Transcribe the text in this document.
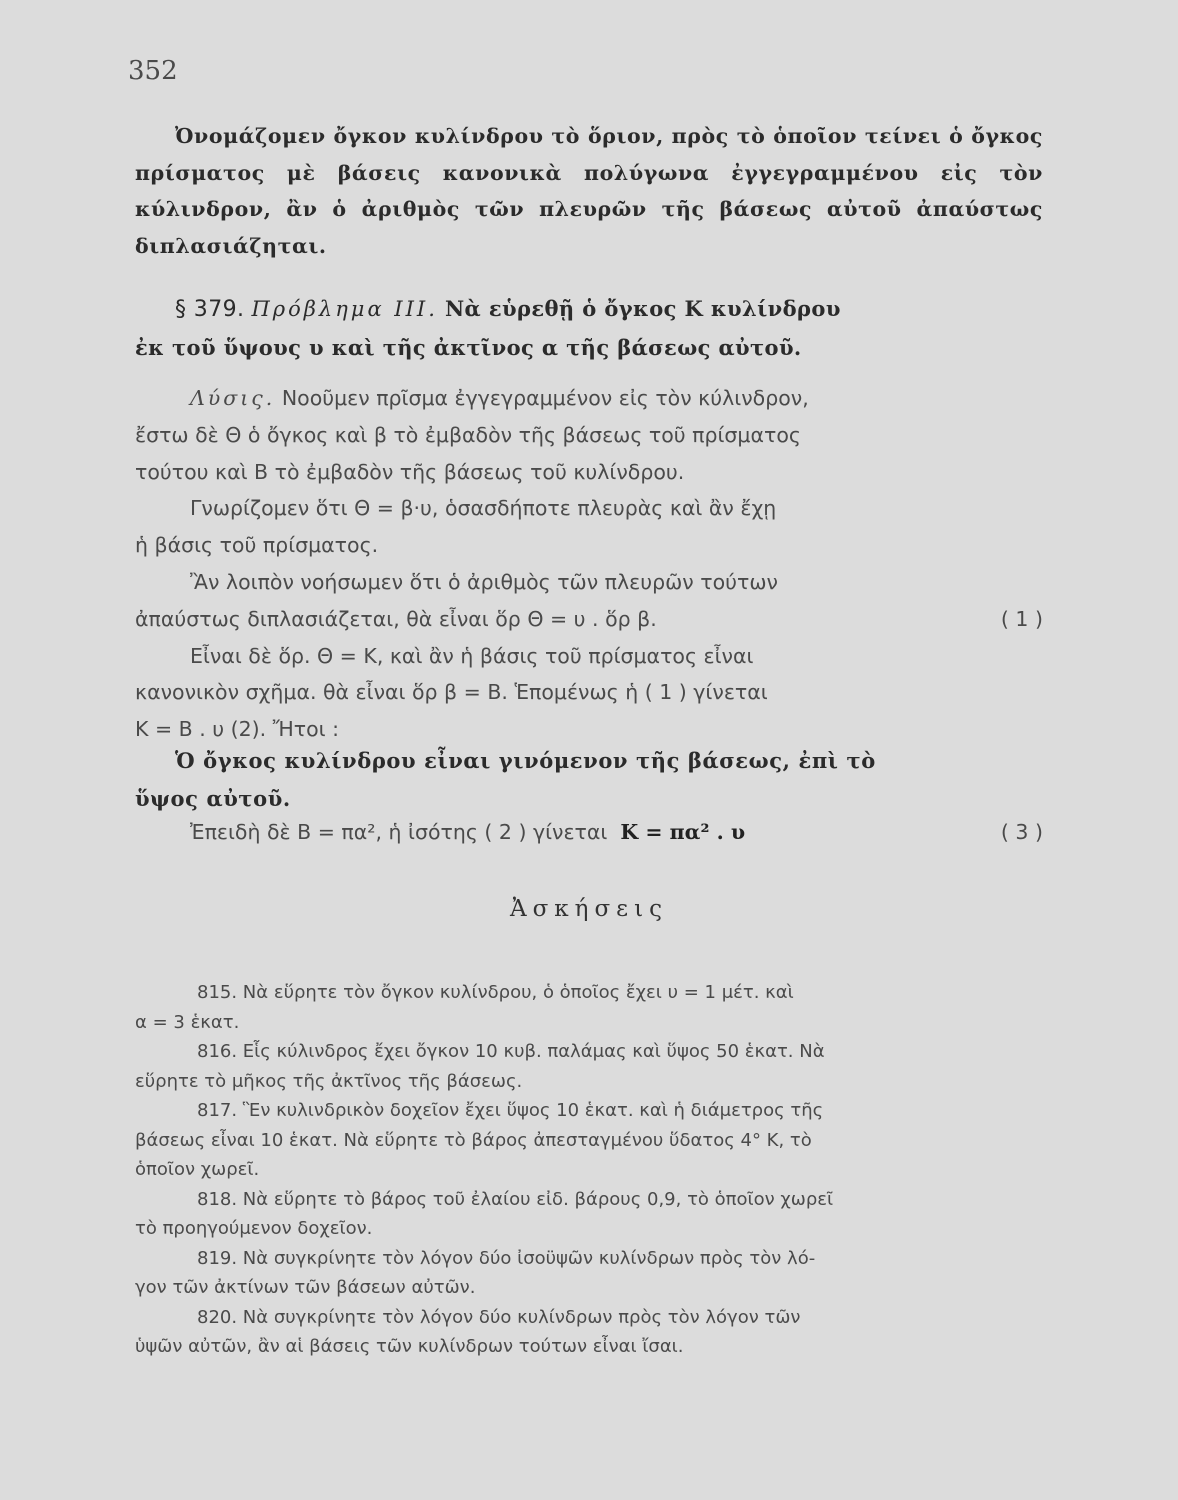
352

Ὀνομάζομεν ὄγκον κυλίνδρου τὸ ὅριον, πρὸς τὸ ὁποῖον τείνει ὁ ὄγκος πρίσματος μὲ βάσεις κανονικὰ πολύγωνα ἐγγεγραμμένου εἰς τὸν κύλινδρον, ἂν ὁ ἀριθμὸς τῶν πλευρῶν τῆς βάσεως αὐτοῦ ἀπαύστως διπλασιάζηται.

§ 379. Πρόβλημα III. Νὰ εὑρεθῇ ὁ ὄγκος Κ κυλίνδρου
ἐκ τοῦ ὕψους υ καὶ τῆς ἀκτῖνος α τῆς βάσεως αὐτοῦ.
Λύσις. Νοοῦμεν πρῖσμα ἐγγεγραμμένον εἰς τὸν κύλινδρον,
ἔστω δὲ Θ ὁ ὄγκος καὶ β τὸ ἐμβαδὸν τῆς βάσεως τοῦ πρίσματος
τούτου καὶ Β τὸ ἐμβαδὸν τῆς βάσεως τοῦ κυλίνδρου.
Γνωρίζομεν ὅτι Θ = β·υ, ὁσασδήποτε πλευρὰς καὶ ἂν ἔχῃ
ἡ βάσις τοῦ πρίσματος.
Ἂν λοιπὸν νοήσωμεν ὅτι ὁ ἀριθμὸς τῶν πλευρῶν τούτων
ἀπαύστως διπλασιάζεται, θὰ εἶναι ὅρ Θ = υ . ὅρ β.	( 1 )
Εἶναι δὲ ὅρ. Θ = Κ, καὶ ἂν ἡ βάσις τοῦ πρίσματος εἶναι
κανονικὸν σχῆμα. θὰ εἶναι ὅρ β = Β. Ἑπομένως ἡ ( 1 ) γίνεται
Κ = Β . υ (2). Ἤτοι :
Ὁ ὄγκος κυλίνδρου εἶναι γινόμενον τῆς βάσεως, ἐπὶ τὸ
ὕψος αὐτοῦ.
Ἐπειδὴ δὲ Β = πα², ἡ ἰσότης ( 2 ) γίνεται Κ = πα² . υ	( 3 )
Ἀσκήσεις
815. Νὰ εὕρητε τὸν ὄγκον κυλίνδρου, ὁ ὁποῖος ἔχει υ = 1 μέτ. καὶ
α = 3 ἑκατ.
816. Εἷς κύλινδρος ἔχει ὄγκον 10 κυβ. παλάμας καὶ ὕψος 50 ἑκατ. Νὰ
εὕρητε τὸ μῆκος τῆς ἀκτῖνος τῆς βάσεως.
817. Ἓν κυλινδρικὸν δοχεῖον ἔχει ὕψος 10 ἑκατ. καὶ ἡ διάμετρος τῆς
βάσεως εἶναι 10 ἑκατ. Νὰ εὕρητε τὸ βάρος ἀπεσταγμένου ὕδατος 4° Κ, τὸ
ὁποῖον χωρεῖ.
818. Νὰ εὕρητε τὸ βάρος τοῦ ἐλαίου εἰδ. βάρους 0,9, τὸ ὁποῖον χωρεῖ
τὸ προηγούμενον δοχεῖον.
819. Νὰ συγκρίνητε τὸν λόγον δύο ἰσοϋψῶν κυλίνδρων πρὸς τὸν λό-
γον τῶν ἀκτίνων τῶν βάσεων αὐτῶν.
820. Νὰ συγκρίνητε τὸν λόγον δύο κυλίνδρων πρὸς τὸν λόγον τῶν
ὑψῶν αὐτῶν, ἂν αἱ βάσεις τῶν κυλίνδρων τούτων εἶναι ἴσαι.
